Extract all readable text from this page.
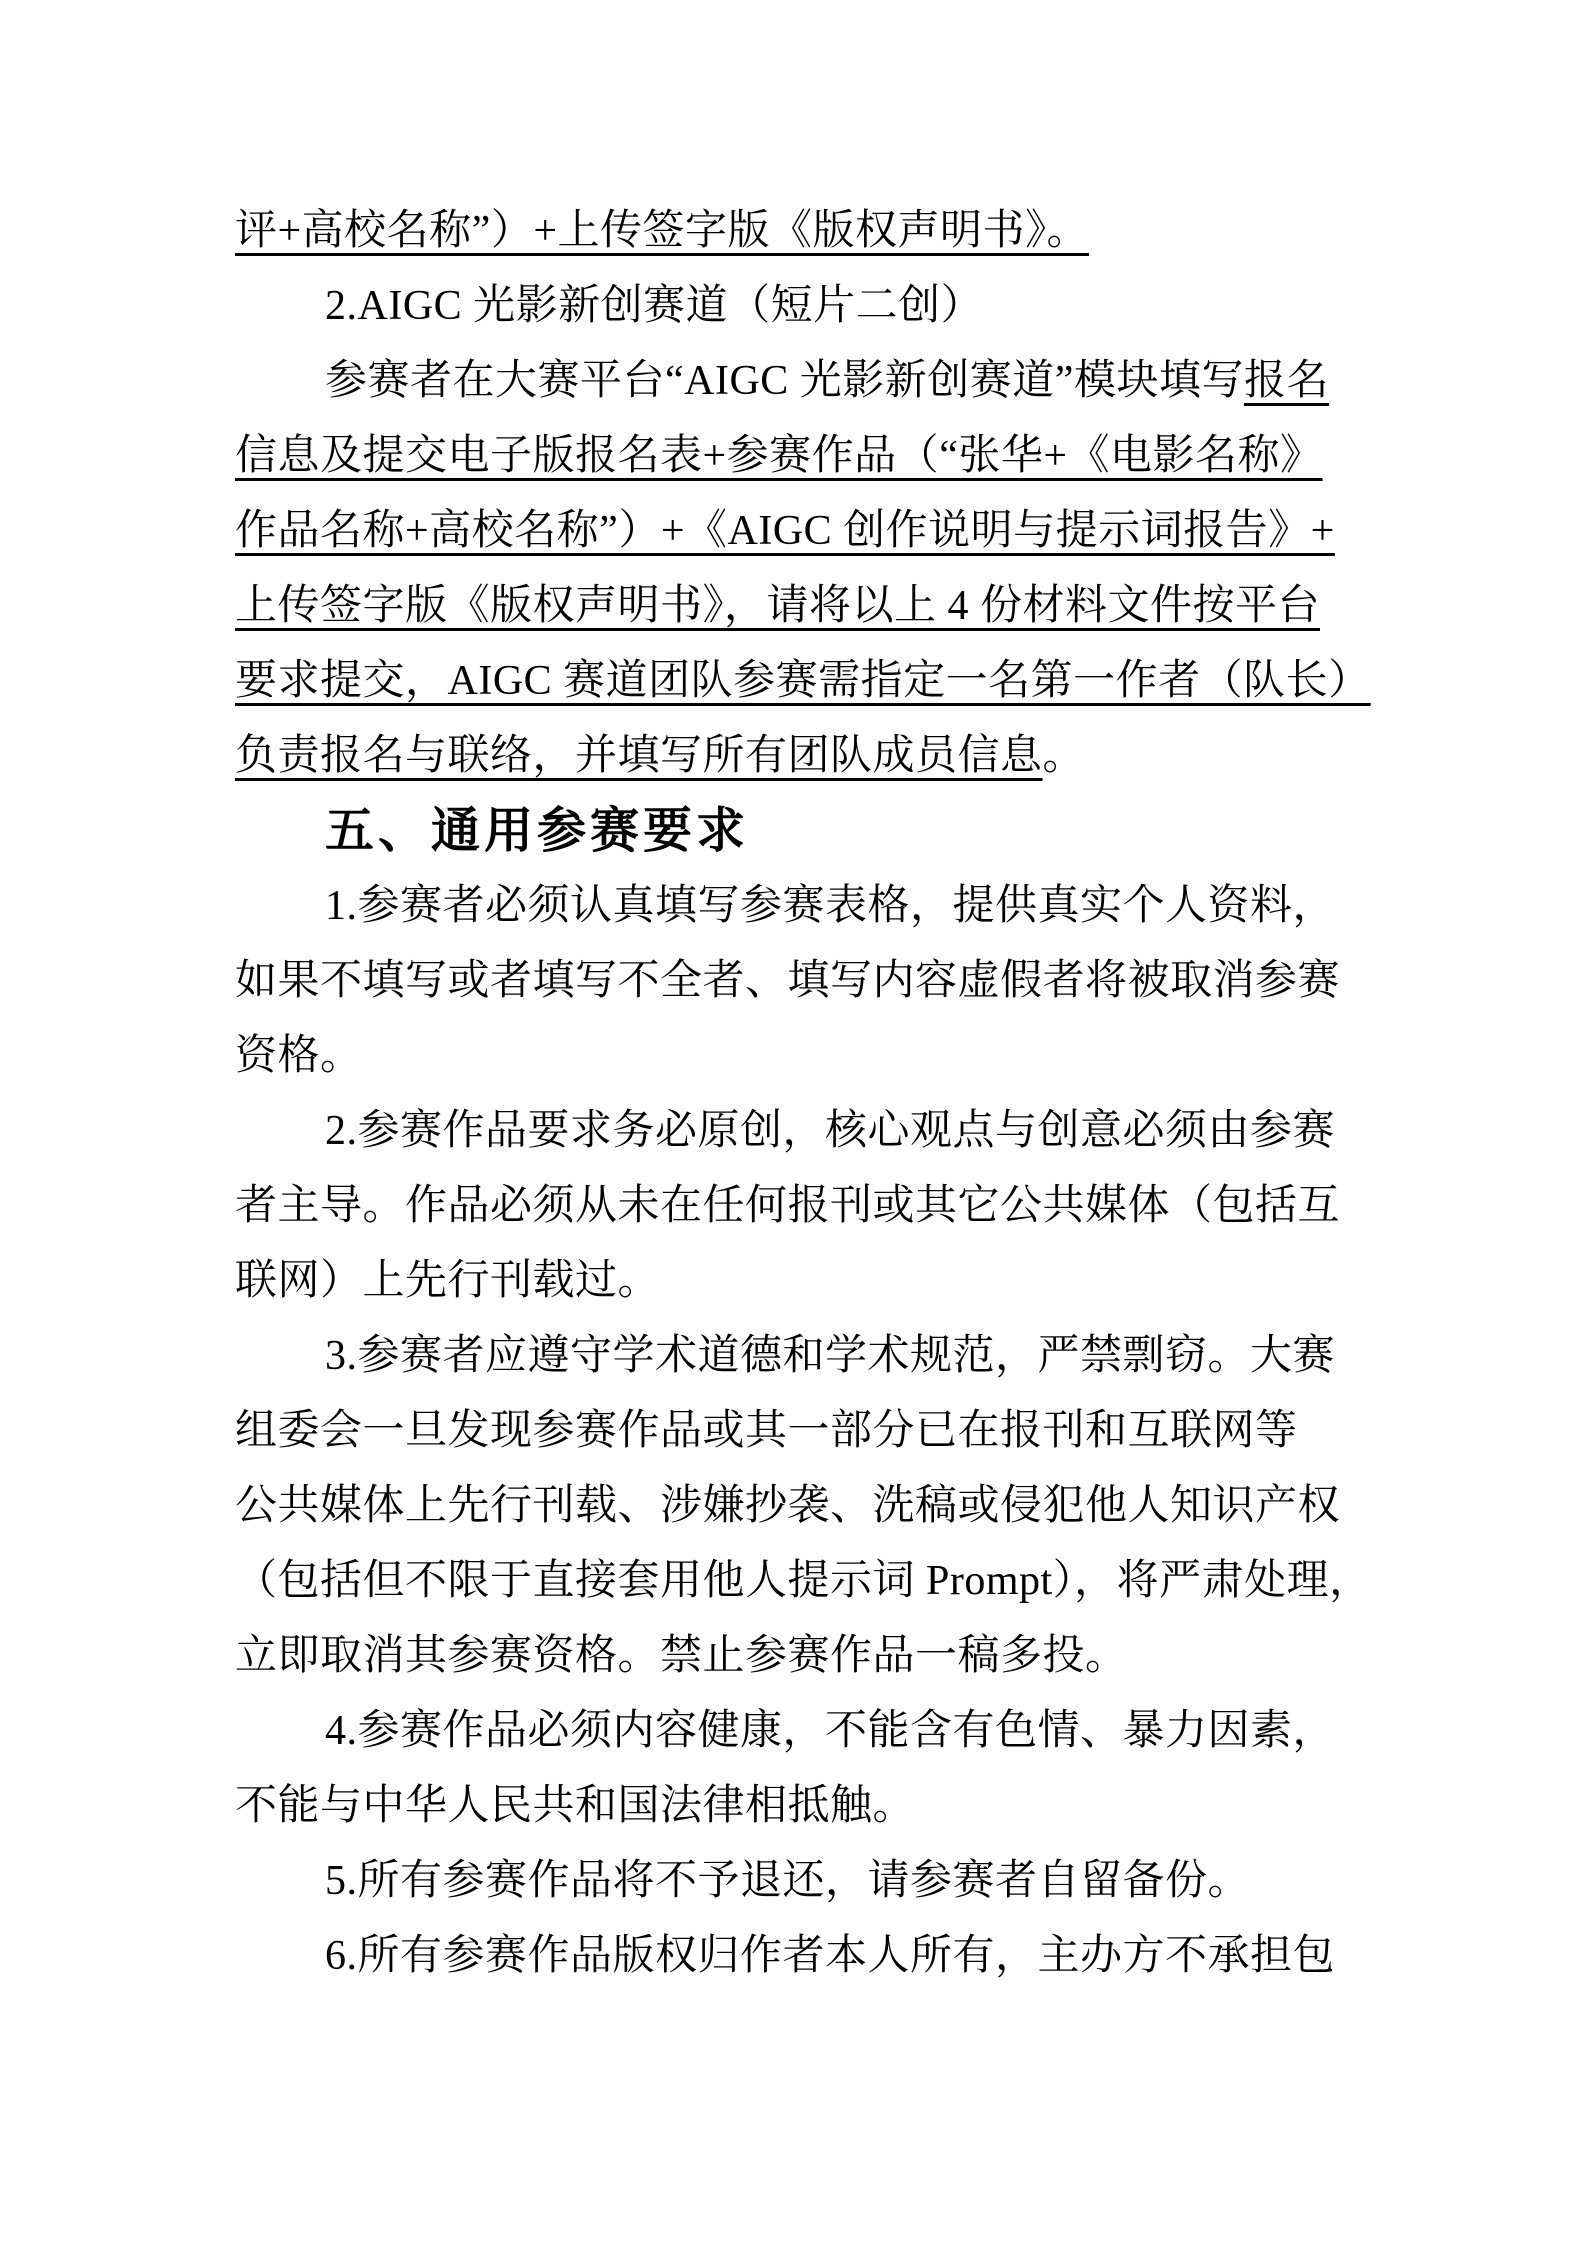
评+高校名称”）+上传签字版《版权声明书》。
2.AIGC 光影新创赛道（短片二创）
参赛者在大赛平台“AIGC 光影新创赛道”模块填写报名
信息及提交电子版报名表+参赛作品（“张华+《电影名称》
作品名称+高校名称”）+《AIGC 创作说明与提示词报告》+
上传签字版《版权声明书》，请将以上 4 份材料文件按平台
要求提交，AIGC 赛道团队参赛需指定一名第一作者（队长）
负责报名与联络，并填写所有团队成员信息。
五、通用参赛要求
1.参赛者必须认真填写参赛表格，提供真实个人资料，
如果不填写或者填写不全者、填写内容虚假者将被取消参赛
资格。
2.参赛作品要求务必原创，核心观点与创意必须由参赛
者主导。作品必须从未在任何报刊或其它公共媒体（包括互
联网）上先行刊载过。
3.参赛者应遵守学术道德和学术规范，严禁剽窃。大赛
组委会一旦发现参赛作品或其一部分已在报刊和互联网等
公共媒体上先行刊载、涉嫌抄袭、洗稿或侵犯他人知识产权
（包括但不限于直接套用他人提示词 Prompt），将严肃处理，
立即取消其参赛资格。禁止参赛作品一稿多投。
4.参赛作品必须内容健康，不能含有色情、暴力因素，
不能与中华人民共和国法律相抵触。
5.所有参赛作品将不予退还，请参赛者自留备份。
6.所有参赛作品版权归作者本人所有，主办方不承担包
